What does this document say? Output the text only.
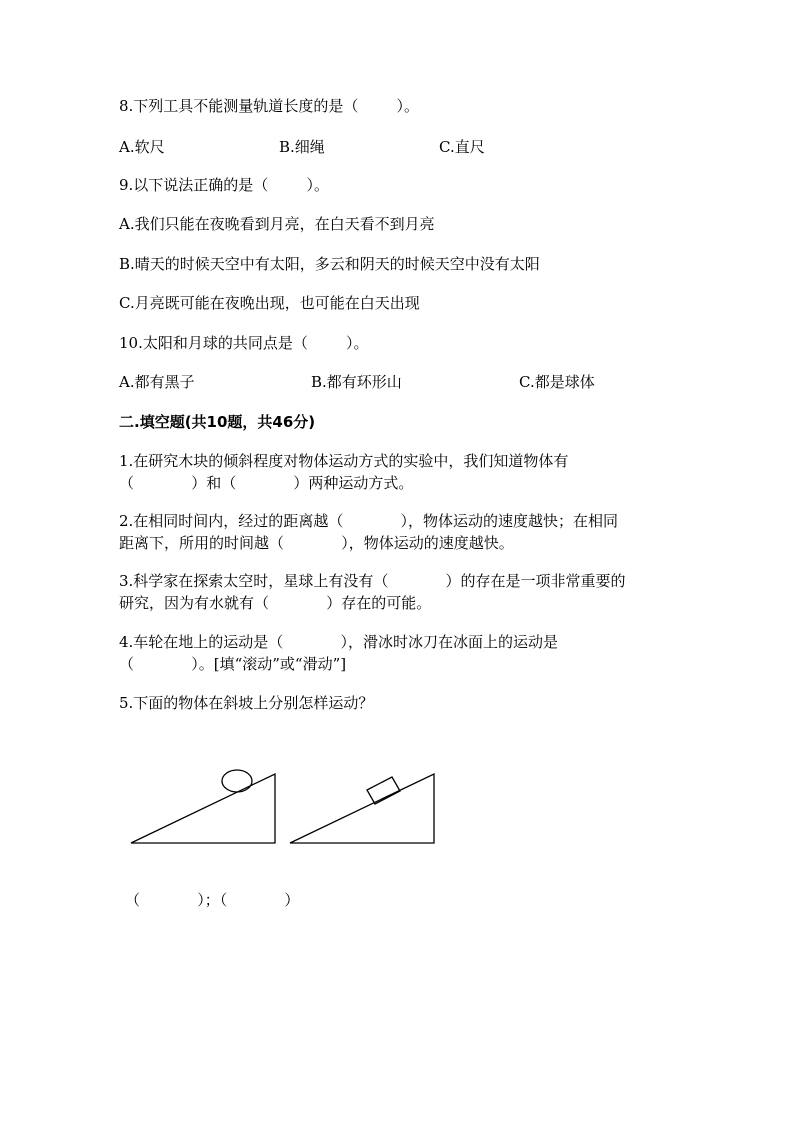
8.下列工具不能测量轨道长度的是（        ）。
A.软尺	B.细绳	C.直尺
9.以下说法正确的是（        ）。
A.我们只能在夜晚看到月亮，在白天看不到月亮
B.晴天的时候天空中有太阳，多云和阴天的时候天空中没有太阳
C.月亮既可能在夜晚出现，也可能在白天出现
10.太阳和月球的共同点是（        ）。
A.都有黑子	B.都有环形山	C.都是球体
二.填空题(共10题，共46分)
1.在研究木块的倾斜程度对物体运动方式的实验中，我们知道物体有
（            ）和（            ）两种运动方式。
2.在相同时间内，经过的距离越（            ），物体运动的速度越快；在相同
距离下，所用的时间越（            ），物体运动的速度越快。
3.科学家在探索太空时，星球上有没有（            ）的存在是一项非常重要的
研究，因为有水就有（            ）存在的可能。
4.车轮在地上的运动是（            ），滑冰时冰刀在冰面上的运动是
（            ）。[填“滚动”或“滑动”]
5.下面的物体在斜坡上分别怎样运动？
（            ）；（            ）
